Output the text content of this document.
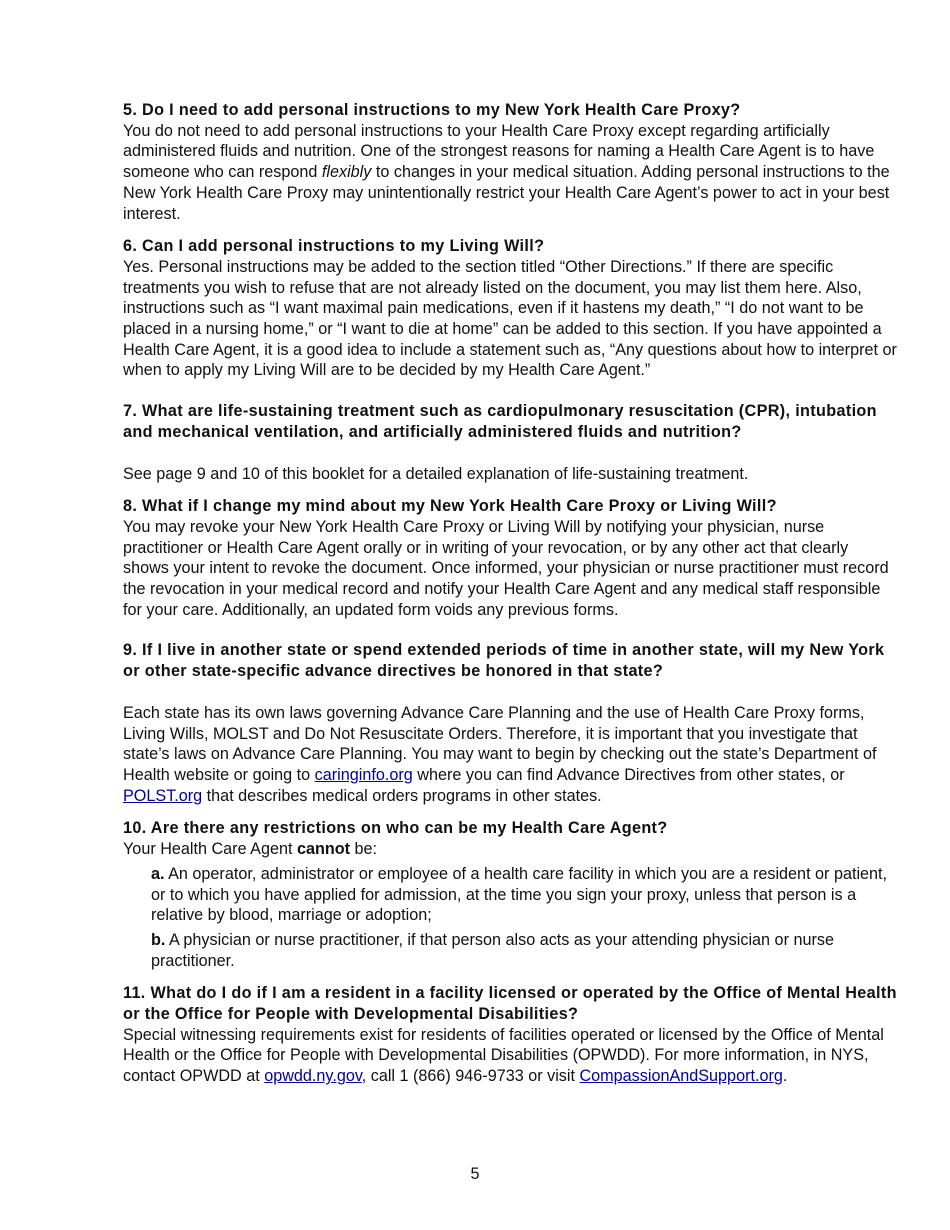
5. Do I need to add personal instructions to my New York Health Care Proxy?

You do not need to add personal instructions to your Health Care Proxy except regarding artificially administered fluids and nutrition. One of the strongest reasons for naming a Health Care Agent is to have someone who can respond flexibly to changes in your medical situation. Adding personal instructions to the New York Health Care Proxy may unintentionally restrict your Health Care Agent’s power to act in your best interest.

6. Can I add personal instructions to my Living Will?

Yes. Personal instructions may be added to the section titled “Other Directions.” If there are specific treatments you wish to refuse that are not already listed on the document, you may list them here. Also, instructions such as “I want maximal pain medications, even if it hastens my death,” “I do not want to be placed in a nursing home,” or “I want to die at home” can be added to this section. If you have appointed a Health Care Agent, it is a good idea to include a statement such as, “Any questions about how to interpret or when to apply my Living Will are to be decided by my Health Care Agent.”

7. What are life-sustaining treatment such as cardiopulmonary resuscitation (CPR), intubation and mechanical ventilation, and artificially administered fluids and nutrition?

See page 9 and 10 of this booklet for a detailed explanation of life-sustaining treatment.

8. What if I change my mind about my New York Health Care Proxy or Living Will?

You may revoke your New York Health Care Proxy or Living Will by notifying your physician, nurse practitioner or Health Care Agent orally or in writing of your revocation, or by any other act that clearly shows your intent to revoke the document. Once informed, your physician or nurse practitioner must record the revocation in your medical record and notify your Health Care Agent and any medical staff responsible for your care. Additionally, an updated form voids any previous forms.

9. If I live in another state or spend extended periods of time in another state, will my New York or other state-specific advance directives be honored in that state?

Each state has its own laws governing Advance Care Planning and the use of Health Care Proxy forms, Living Wills, MOLST and Do Not Resuscitate Orders. Therefore, it is important that you investigate that state’s laws on Advance Care Planning. You may want to begin by checking out the state’s Department of Health website or going to caringinfo.org where you can find Advance Directives from other states, or POLST.org that describes medical orders programs in other states.

10. Are there any restrictions on who can be my Health Care Agent?

Your Health Care Agent cannot be:

a. An operator, administrator or employee of a health care facility in which you are a resident or patient, or to which you have applied for admission, at the time you sign your proxy, unless that person is a relative by blood, marriage or adoption;

b. A physician or nurse practitioner, if that person also acts as your attending physician or nurse practitioner.

11. What do I do if I am a resident in a facility licensed or operated by the Office of Mental Health or the Office for People with Developmental Disabilities?

Special witnessing requirements exist for residents of facilities operated or licensed by the Office of Mental Health or the Office for People with Developmental Disabilities (OPWDD). For more information, in NYS, contact OPWDD at opwdd.ny.gov, call 1 (866) 946-9733 or visit CompassionAndSupport.org.

5
